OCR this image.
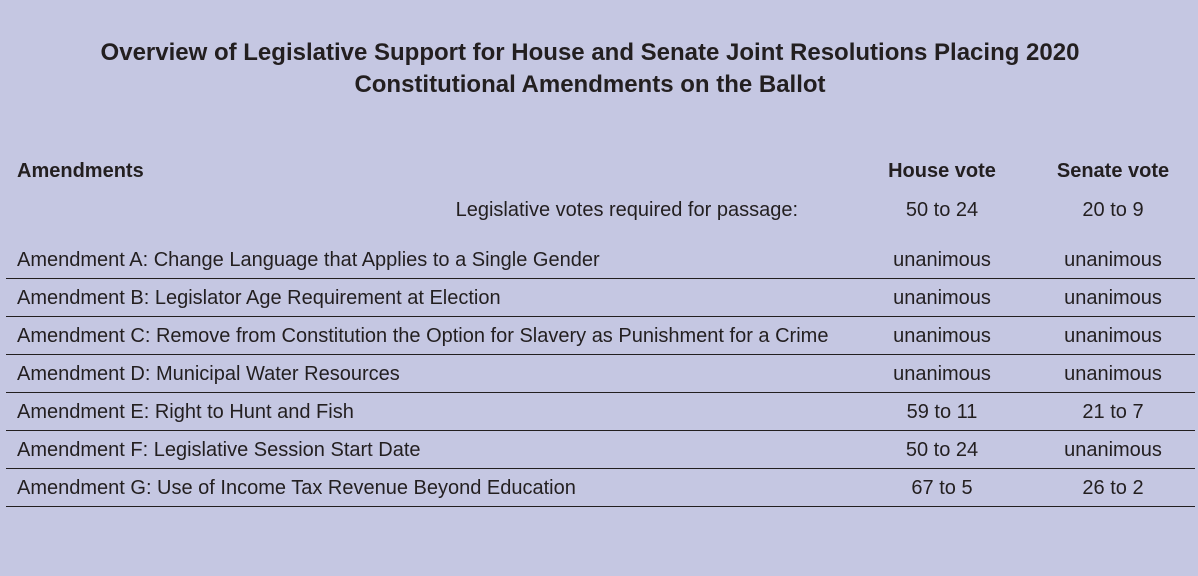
Overview of Legislative Support for House and Senate Joint Resolutions Placing 2020
Constitutional Amendments on the Ballot
Amendments	House vote	Senate vote
Legislative votes required for passage:	50 to 24	20 to 9
Amendment A: Change Language that Applies to a Single Gender	unanimous	unanimous
Amendment B: Legislator Age Requirement at Election	unanimous	unanimous
Amendment C: Remove from Constitution the Option for Slavery as Punishment for a Crime	unanimous	unanimous
Amendment D: Municipal Water Resources	unanimous	unanimous
Amendment E: Right to Hunt and Fish	59 to 11	21 to 7
Amendment F: Legislative Session Start Date	50 to 24	unanimous
Amendment G: Use of Income Tax Revenue Beyond Education	67 to 5	26 to 2
